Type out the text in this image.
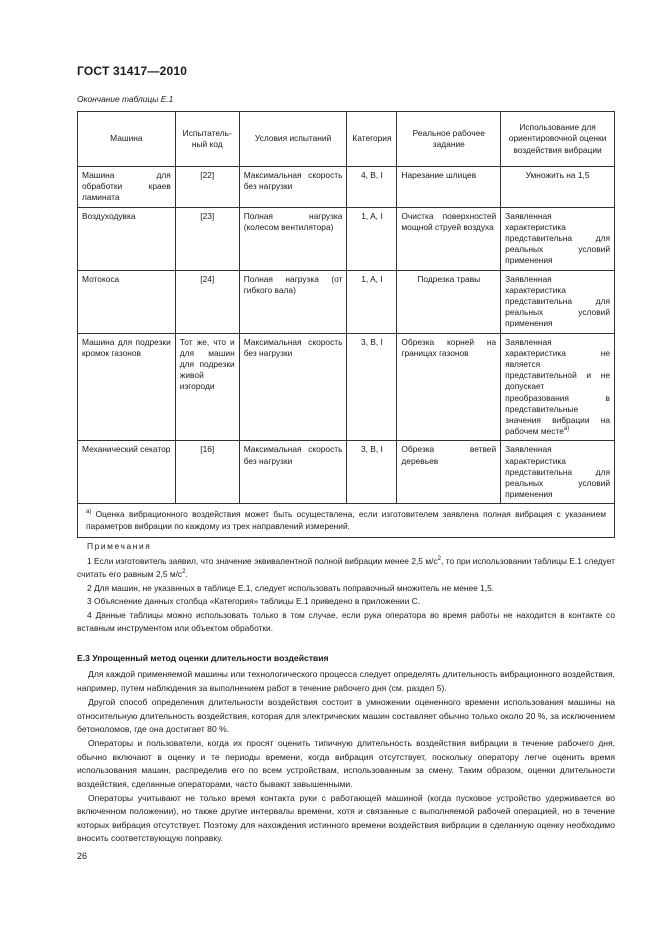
ГОСТ 31417—2010
Окончание таблицы Е.1
Машина	Испытатель-ный код	Условия испытаний	Категория	Реальное рабочее задание	Использование для ориентировочной оценки воздействия вибрации
Машина для обработки краев ламината	[22]	Максимальная скорость без нагрузки	4, B, I	Нарезание шлицев	Умножить на 1,5
Воздуходувка	[23]	Полная нагрузка (колесом вентилятора)	1, A, I	Очистка поверхностей мощной струей воздуха	Заявленная характеристика представительна для реальных условий применения
Мотокоса	[24]	Полная нагрузка (от гибкого вала)	1, A, I	Подрезка травы	Заявленная характеристика представительна для реальных условий применения
Машина для подрезки кромок газонов	Тот же, что и для машин для подрезки живой изгороди	Максимальная скорость без нагрузки	3, B, I	Обрезка корней на границах газонов	Заявленная характеристика не является представительной и не допускает преобразования в представительные значения вибрации на рабочем месте$^{a)}$
Механический секатор	[16]	Максимальная скорость без нагрузки	3, B, I	Обрезка ветвей деревьев	Заявленная характеристика представительна для реальных условий применения
$^{а)}$ Оценка вибрационного воздействия может быть осуществлена, если изготовителем заявлена полная вибрация с указанием параметров вибрации по каждому из трех направлений измерений.					

Примечания

1 Если изготовитель заявил, что значение эквивалентной полной вибрации менее 2,5 $м/с^2$, то при использовании таблицы Е.1 следует считать его равным 2,5 $м/с^2$.

2 Для машин, не указанных в таблице Е.1, следует использовать поправочный множитель не менее 1,5.

3 Объяснение данных столбца «Категория» таблицы Е.1 приведено в приложении С.

4 Данные таблицы можно использовать только в том случае, если рука оператора во время работы не находится в контакте со вставным инструментом или объектом обработки.

Е.3 Упрощенный метод оценки длительности воздействия

Для каждой применяемой машины или технологического процесса следует определять длительность вибрационного воздействия, например, путем наблюдения за выполнением работ в течение рабочего дня (см. раздел 5).

Другой способ определения длительности воздействия состоит в умножении оцененного времени использования машины на относительную длительность воздействия, которая для электрических машин составляет обычно только около 20 %, за исключением бетоноломов, где она достигает 80 %.

Операторы и пользователи, когда их просят оценить типичную длительность воздействия вибрации в течение рабочего дня, обычно включают в оценку и те периоды времени, когда вибрация отсутствует, поскольку оператору легче оценить время использования машин, распределив его по всем устройствам, использованным за смену. Таким образом, оценки длительности воздействия, сделанные операторами, часто бывают завышенными.

Операторы учитывают не только время контакта руки с работающей машиной (когда пусковое устройство удерживается во включенном положении), но также другие интервалы времени, хотя и связанные с выполняемой рабочей операцией, но в течение которых вибрация отсутствует. Поэтому для нахождения истинного времени воздействия вибрации в сделанную оценку необходимо вносить соответствующую поправку.

26
